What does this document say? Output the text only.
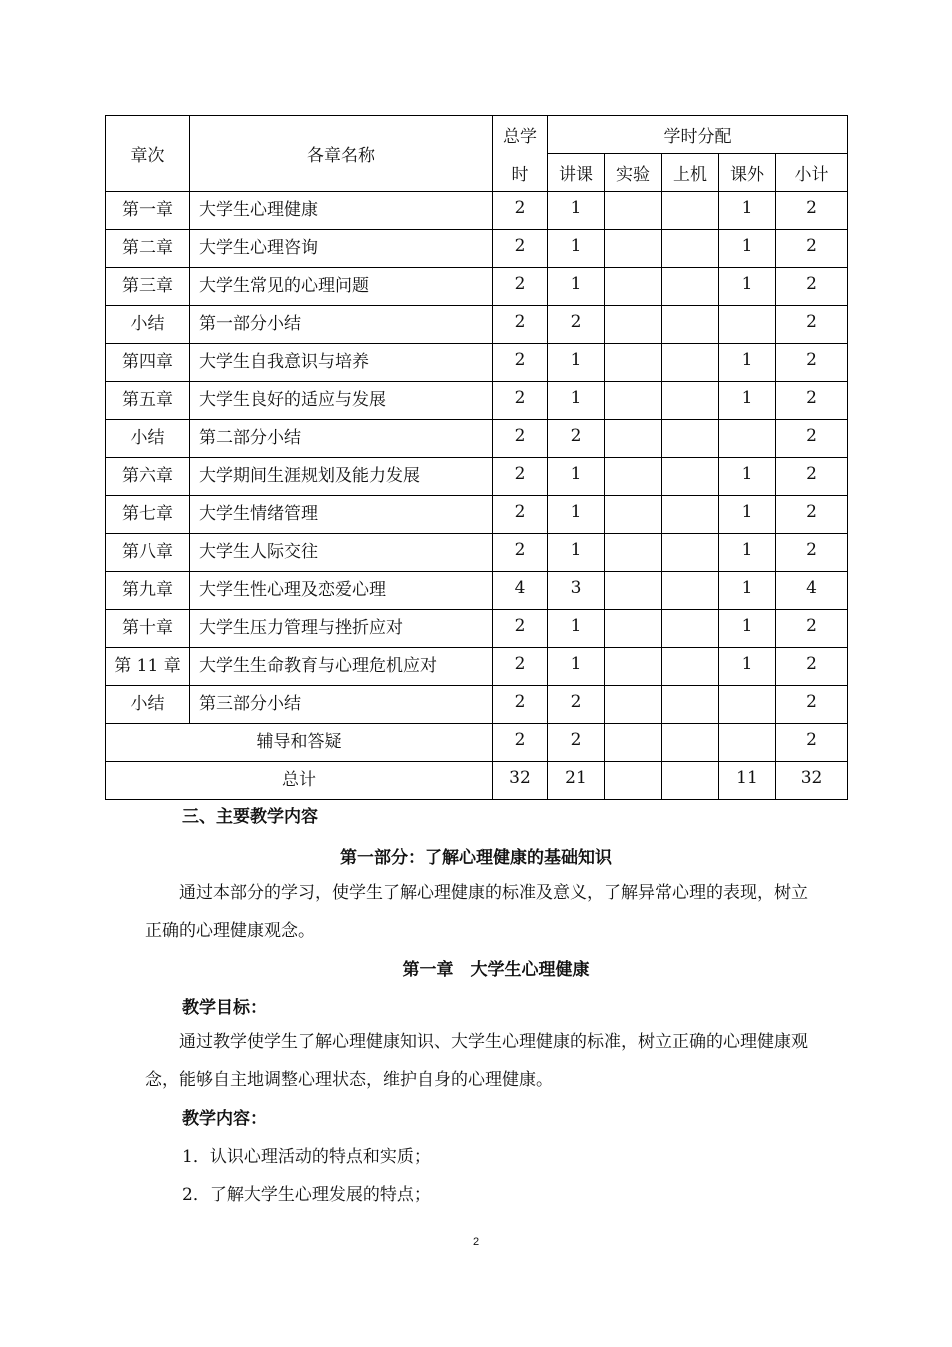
章次	各章名称	总学	学时分配				
		时	讲课	实验	上机	课外	小计
第一章	大学生心理健康	2	1			1	2
第二章	大学生心理咨询	2	1			1	2
第三章	大学生常见的心理问题	2	1			1	2
小结	第一部分小结	2	2				2
第四章	大学生自我意识与培养	2	1			1	2
第五章	大学生良好的适应与发展	2	1			1	2
小结	第二部分小结	2	2				2
第六章	大学期间生涯规划及能力发展	2	1			1	2
第七章	大学生情绪管理	2	1			1	2
第八章	大学生人际交往	2	1			1	2
第九章	大学生性心理及恋爱心理	4	3			1	4
第十章	大学生压力管理与挫折应对	2	1			1	2
第 11 章	大学生生命教育与心理危机应对	2	1			1	2
小结	第三部分小结	2	2				2
辅导和答疑		2	2				2
总计		32	21			11	32
三、主要教学内容
第一部分：了解心理健康的基础知识
通过本部分的学习，使学生了解心理健康的标准及意义，了解异常心理的表现，树立正确的心理健康观念。
第一章　大学生心理健康
教学目标：
通过教学使学生了解心理健康知识、大学生心理健康的标准，树立正确的心理健康观念，能够自主地调整心理状态，维护自身的心理健康。
教学内容：
1．认识心理活动的特点和实质；
2．了解大学生心理发展的特点；
2
